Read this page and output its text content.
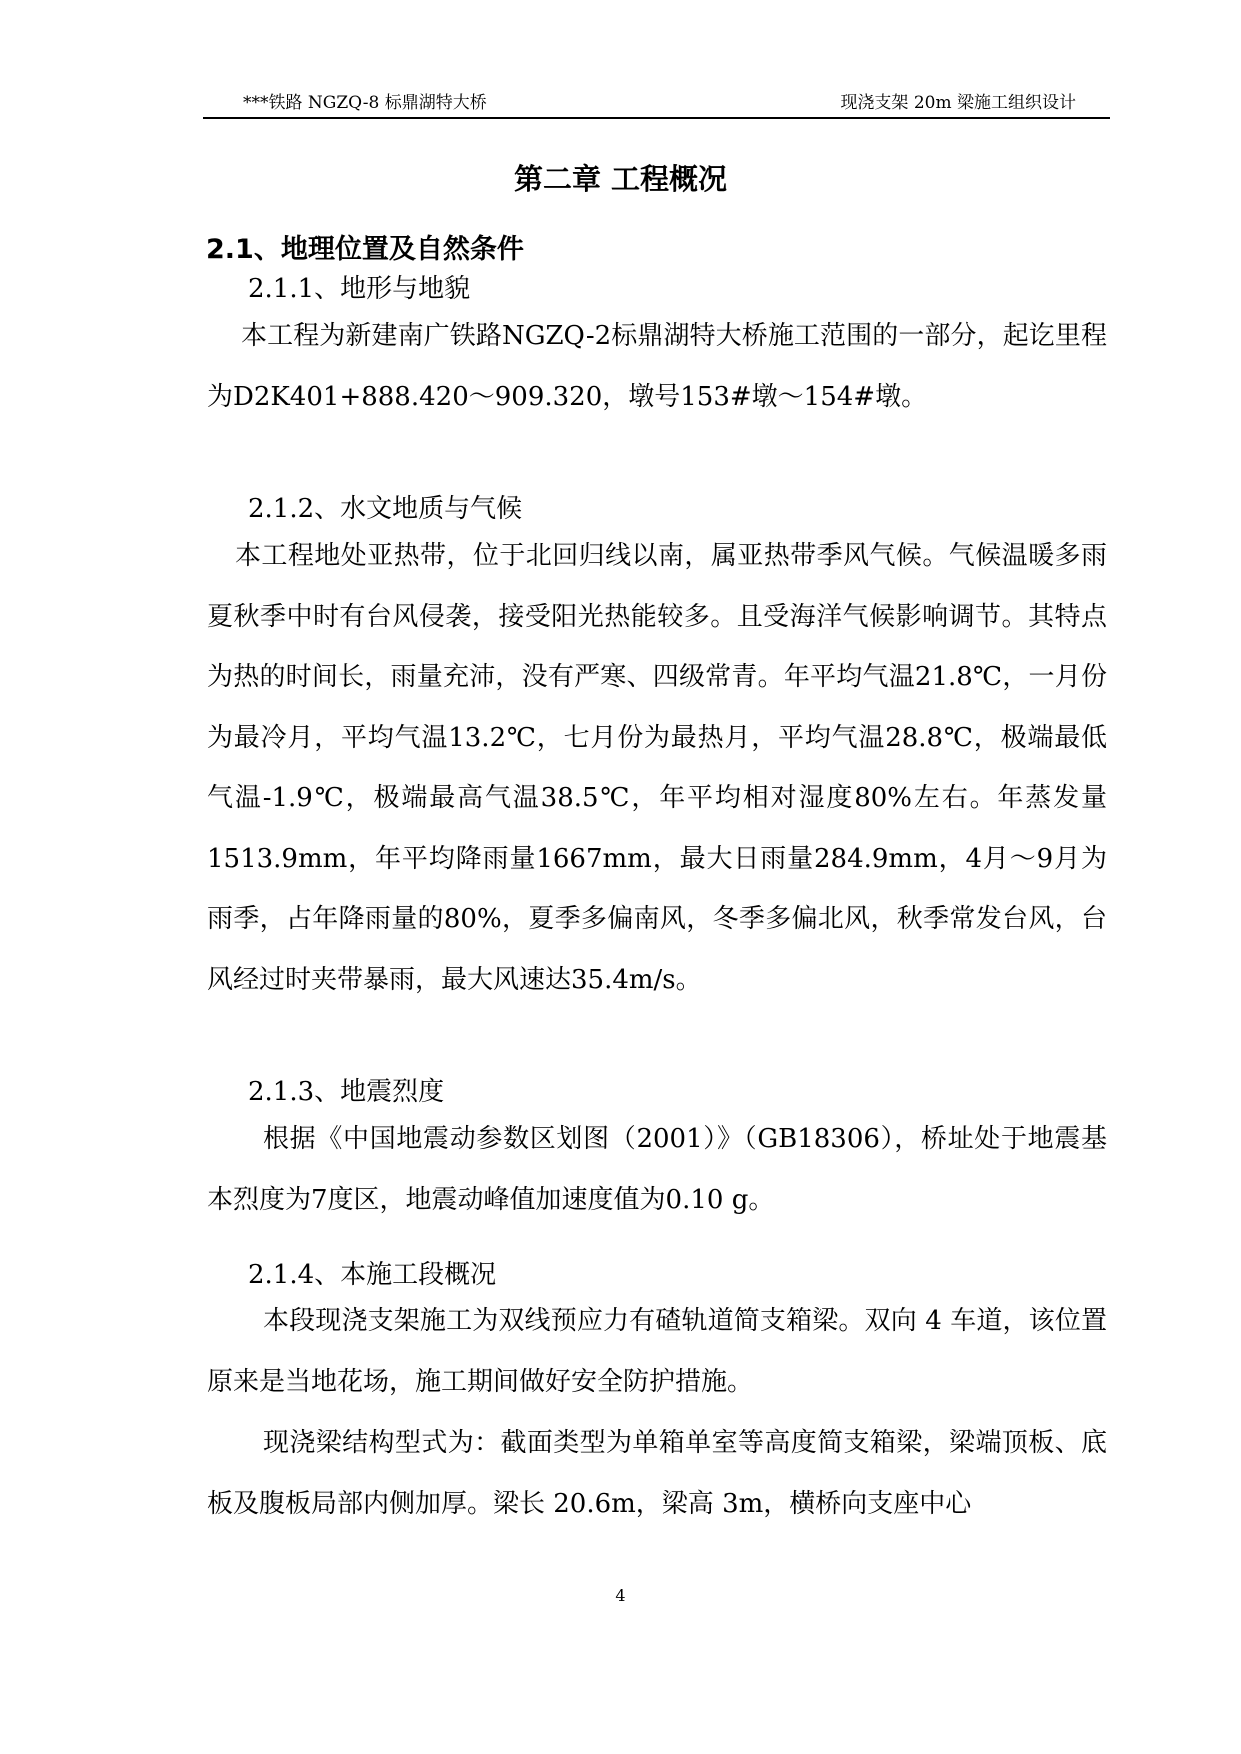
***铁路 NGZQ-8 标鼎湖特大桥	现浇支架 20m 梁施工组织设计
第二章 工程概况
2.1、地理位置及自然条件
2.1.1、地形与地貌
本工程为新建南广铁路NGZQ-2标鼎湖特大桥施工范围的一部分，起讫里程为D2K401+888.420～909.320，墩号153#墩～154#墩。
2.1.2、水文地质与气候
本工程地处亚热带，位于北回归线以南，属亚热带季风气候。气候温暖多雨夏秋季中时有台风侵袭，接受阳光热能较多。且受海洋气候影响调节。其特点为热的时间长，雨量充沛，没有严寒、四级常青。年平均气温21.8℃，一月份为最冷月，平均气温13.2℃，七月份为最热月，平均气温28.8℃，极端最低气温-1.9℃，极端最高气温38.5℃，年平均相对湿度80%左右。年蒸发量1513.9mm，年平均降雨量1667mm，最大日雨量284.9mm，4月～9月为雨季，占年降雨量的80%，夏季多偏南风，冬季多偏北风，秋季常发台风，台风经过时夹带暴雨，最大风速达35.4m/s。
2.1.3、地震烈度
根据《中国地震动参数区划图（2001）》（GB18306），桥址处于地震基本烈度为7度区，地震动峰值加速度值为0.10 g。
2.1.4、本施工段概况
本段现浇支架施工为双线预应力有碴轨道简支箱梁。双向 4 车道，该位置原来是当地花场，施工期间做好安全防护措施。
现浇梁结构型式为：截面类型为单箱单室等高度简支箱梁，梁端顶板、底板及腹板局部内侧加厚。梁长 20.6m，梁高 3m，横桥向支座中心
4
